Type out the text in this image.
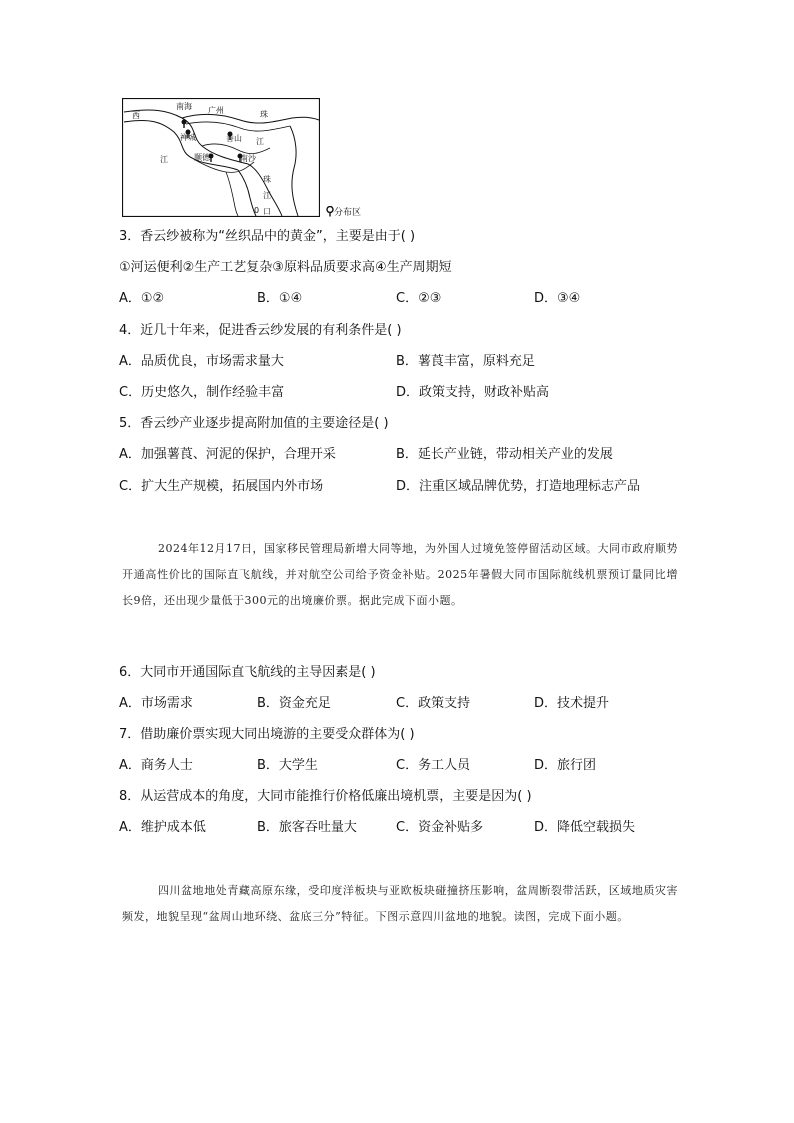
西
南海 广州	珠
禅城	香山 江
江	顺德	南沙
珠
江
口
0	分布区
3．香云纱被称为“丝织品中的黄金”，主要是由于( )
①河运便利②生产工艺复杂③原料品质要求高④生产周期短
A．①②	B．①④	C．②③	D．③④
4．近几十年来，促进香云纱发展的有利条件是( )
A．品质优良，市场需求量大	B．薯莨丰富，原料充足
C．历史悠久，制作经验丰富	D．政策支持，财政补贴高
5．香云纱产业逐步提高附加值的主要途径是( )
A．加强薯莨、河泥的保护，合理开采	B．延长产业链，带动相关产业的发展
C．扩大生产规模，拓展国内外市场	D．注重区域品牌优势，打造地理标志产品

2024年12月17日，国家移民管理局新增大同等地，为外国人过境免签停留活动区域。大同市政府顺势开通高性价比的国际直飞航线，并对航空公司给予资金补贴。2025年暑假大同市国际航线机票预订量同比增长9倍，还出现少量低于300元的出境廉价票。据此完成下面小题。

6．大同市开通国际直飞航线的主导因素是( )
A．市场需求	B．资金充足	C．政策支持	D．技术提升
7．借助廉价票实现大同出境游的主要受众群体为( )
A．商务人士	B．大学生	C．务工人员	D．旅行团
8．从运营成本的角度，大同市能推行价格低廉出境机票，主要是因为( )
A．维护成本低	B．旅客吞吐量大	C．资金补贴多	D．降低空载损失

四川盆地地处青藏高原东缘，受印度洋板块与亚欧板块碰撞挤压影响，盆周断裂带活跃，区域地质灾害频发，地貌呈现“盆周山地环绕、盆底三分”特征。下图示意四川盆地的地貌。读图，完成下面小题。
